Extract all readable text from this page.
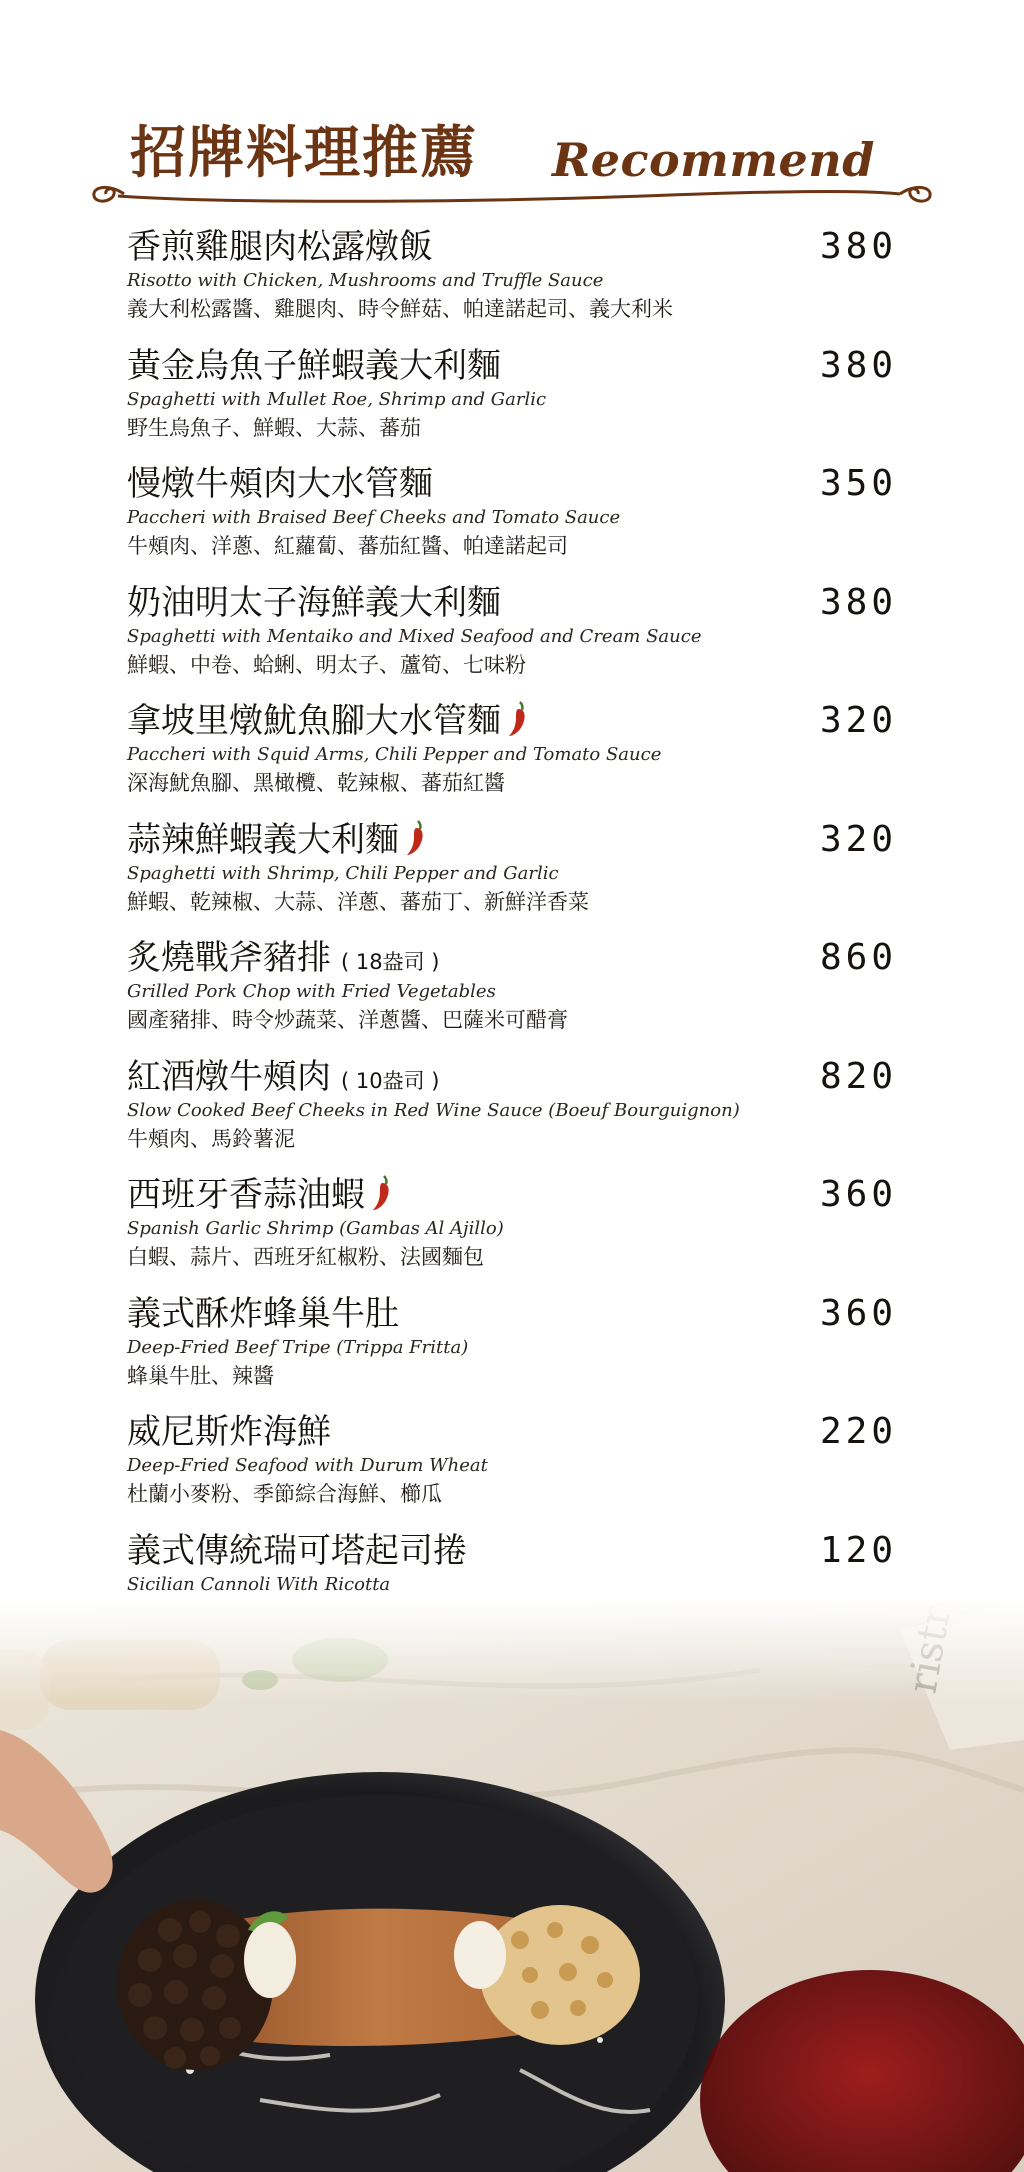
招牌料理推薦 Recommend
香煎雞腿肉松露燉飯	380
Risotto with Chicken, Mushrooms and Truffle Sauce
義大利松露醬、雞腿肉、時令鮮菇、帕達諾起司、義大利米
黃金烏魚子鮮蝦義大利麵	380
Spaghetti with Mullet Roe, Shrimp and Garlic
野生烏魚子、鮮蝦、大蒜、蕃茄
慢燉牛頰肉大水管麵	350
Paccheri with Braised Beef Cheeks and Tomato Sauce
牛頰肉、洋蔥、紅蘿蔔、蕃茄紅醬、帕達諾起司
奶油明太子海鮮義大利麵	380
Spaghetti with Mentaiko and Mixed Seafood and Cream Sauce
鮮蝦、中卷、蛤蜊、明太子、蘆筍、七味粉
拿坡里燉魷魚腳大水管麵	320
Paccheri with Squid Arms, Chili Pepper and Tomato Sauce
深海魷魚腳、黑橄欖、乾辣椒、蕃茄紅醬
蒜辣鮮蝦義大利麵	320
Spaghetti with Shrimp, Chili Pepper and Garlic
鮮蝦、乾辣椒、大蒜、洋蔥、蕃茄丁、新鮮洋香菜
炙燒戰斧豬排 ( 18盎司 )	860
Grilled Pork Chop with Fried Vegetables
國產豬排、時令炒蔬菜、洋蔥醬、巴薩米可醋膏
紅酒燉牛頰肉 ( 10盎司 )	820
Slow Cooked Beef Cheeks in Red Wine Sauce (Boeuf Bourguignon)
牛頰肉、馬鈴薯泥
西班牙香蒜油蝦	360
Spanish Garlic Shrimp (Gambas Al Ajillo)
白蝦、蒜片、西班牙紅椒粉、法國麵包
義式酥炸蜂巢牛肚	360
Deep-Fried Beef Tripe (Trippa Fritta)
蜂巢牛肚、辣醬
威尼斯炸海鮮	220
Deep-Fried Seafood with Durum Wheat
杜蘭小麥粉、季節綜合海鮮、櫛瓜
義式傳統瑞可塔起司捲	120
Sicilian Cannoli With Ricotta
